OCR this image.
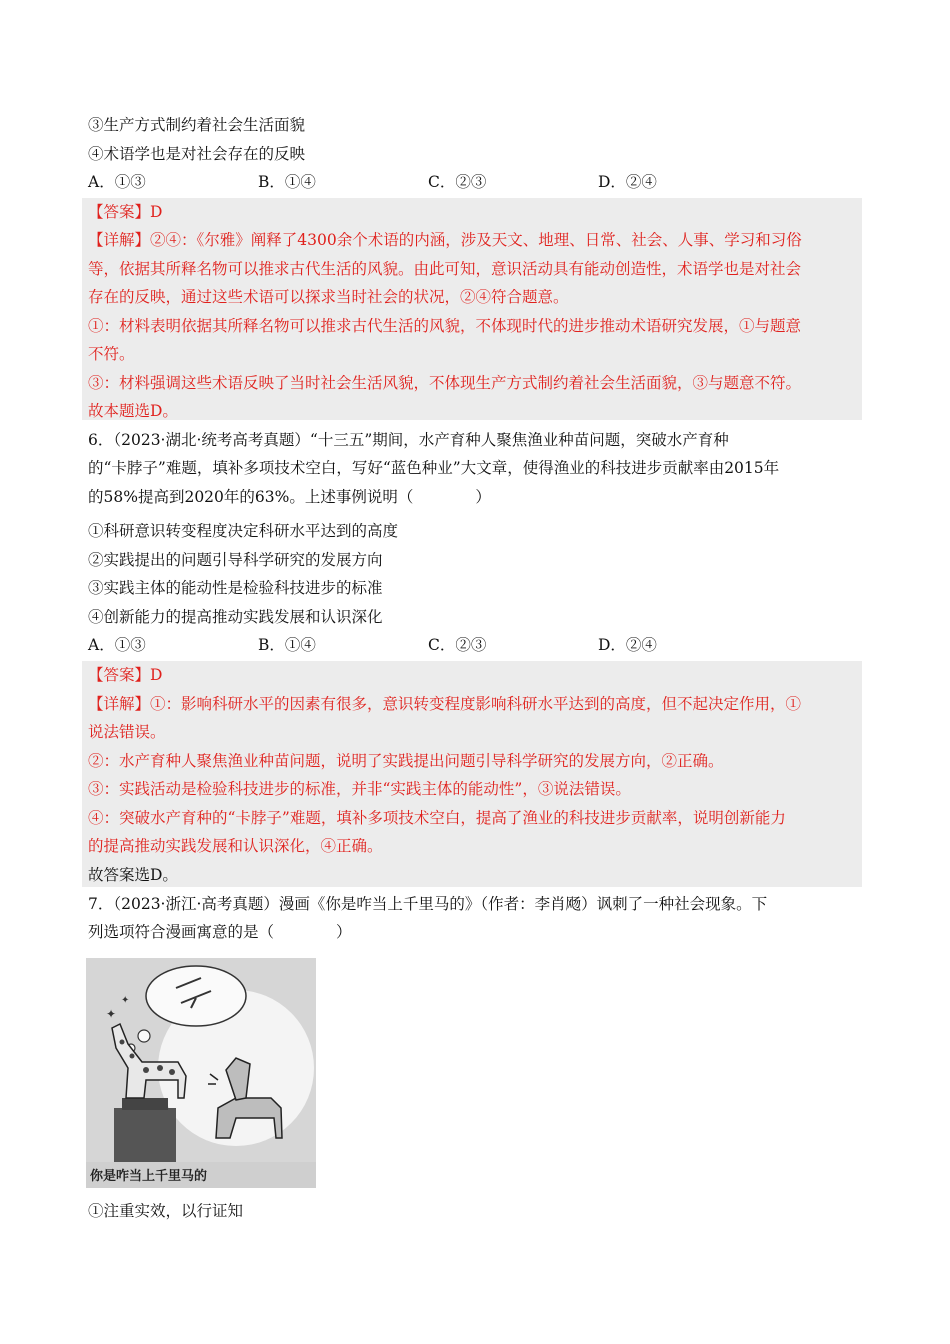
③生产方式制约着社会生活面貌
④术语学也是对社会存在的反映
A．①③	B．①④	C．②③	D．②④
【答案】D
【详解】②④：《尔雅》阐释了4300余个术语的内涵，涉及天文、地理、日常、社会、人事、学习和习俗
等，依据其所释名物可以推求古代生活的风貌。由此可知，意识活动具有能动创造性，术语学也是对社会
存在的反映，通过这些术语可以探求当时社会的状况，②④符合题意。
①：材料表明依据其所释名物可以推求古代生活的风貌，不体现时代的进步推动术语研究发展，①与题意
不符。
③：材料强调这些术语反映了当时社会生活风貌，不体现生产方式制约着社会生活面貌，③与题意不符。
故本题选D。
6．（2023·湖北·统考高考真题）“十三五”期间，水产育种人聚焦渔业种苗问题，突破水产育种
的“卡脖子”难题，填补多项技术空白，写好“蓝色种业”大文章，使得渔业的科技进步贡献率由2015年
的58%提高到2020年的63%。上述事例说明（　　　　）
①科研意识转变程度决定科研水平达到的高度
②实践提出的问题引导科学研究的发展方向
③实践主体的能动性是检验科技进步的标准
④创新能力的提高推动实践发展和认识深化
A．①③	B．①④	C．②③	D．②④
【答案】D
【详解】①：影响科研水平的因素有很多，意识转变程度影响科研水平达到的高度，但不起决定作用，①
说法错误。
②：水产育种人聚焦渔业种苗问题，说明了实践提出问题引导科学研究的发展方向，②正确。
③：实践活动是检验科技进步的标准，并非“实践主体的能动性”，③说法错误。
④：突破水产育种的“卡脖子”难题，填补多项技术空白，提高了渔业的科技进步贡献率，说明创新能力
的提高推动实践发展和认识深化，④正确。
故答案选D。
7．（2023·浙江·高考真题）漫画《你是咋当上千里马的》（作者：李肖飏）讽刺了一种社会现象。下
列选项符合漫画寓意的是（　　　　）
✦
✦
你是咋当上千里马的
①注重实效，以行证知
